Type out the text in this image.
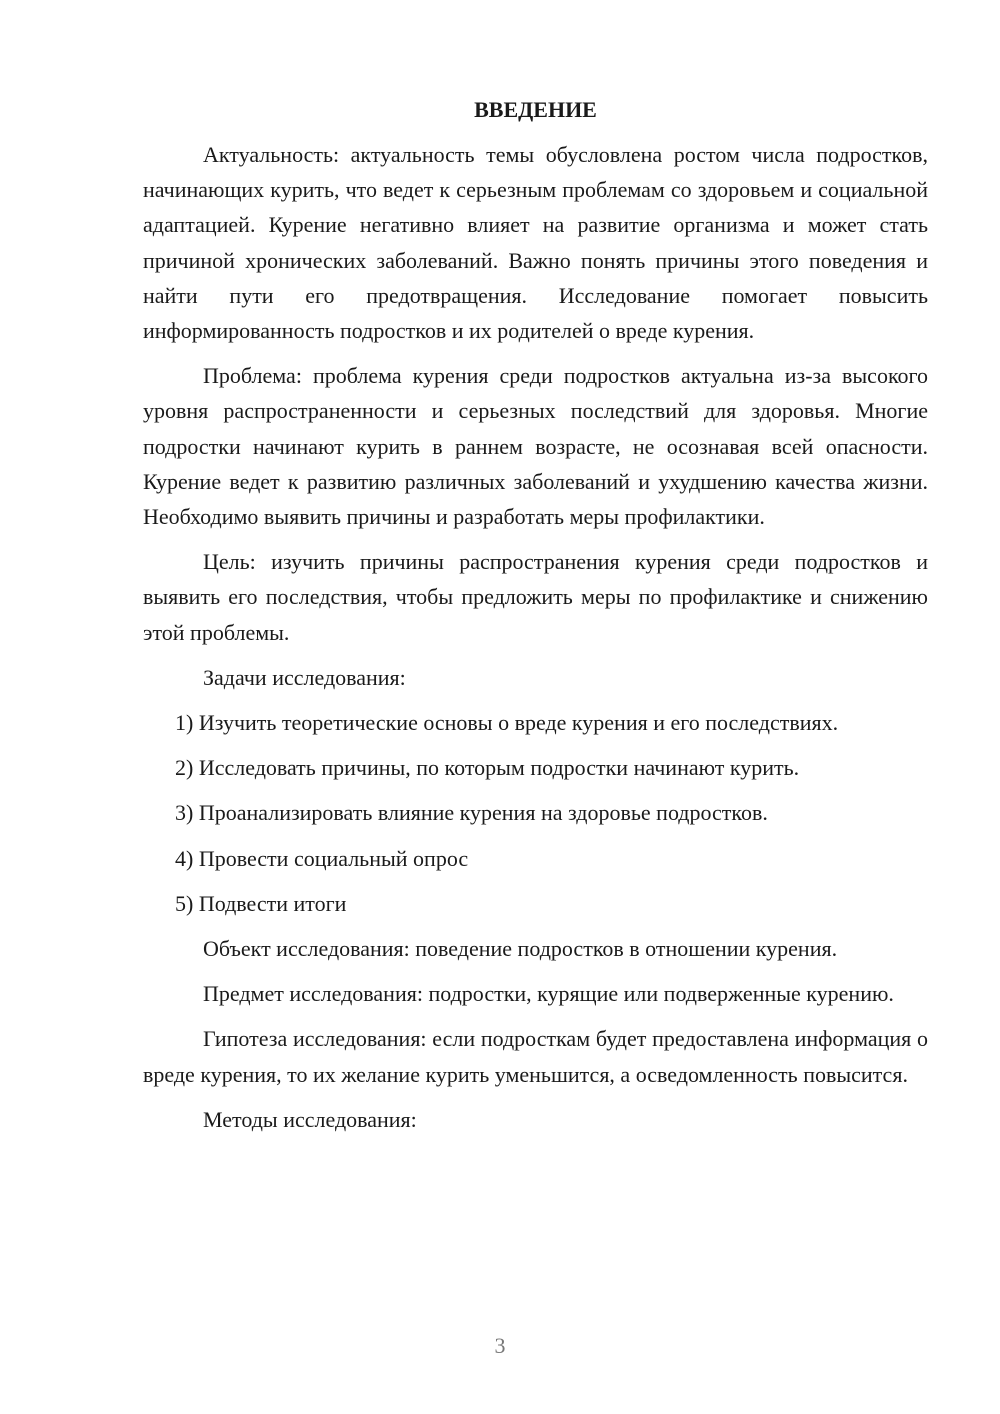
ВВЕДЕНИЕ

Актуальность: актуальность темы обусловлена ростом числа подростков, начинающих курить, что ведет к серьезным проблемам со здоровьем и социальной адаптацией. Курение негативно влияет на развитие организма и может стать причиной хронических заболеваний. Важно понять причины этого поведения и найти пути его предотвращения. Исследование помогает повысить информированность подростков и их родителей о вреде курения.

Проблема: проблема курения среди подростков актуальна из-за высокого уровня распространенности и серьезных последствий для здоровья. Многие подростки начинают курить в раннем возрасте, не осознавая всей опасности. Курение ведет к развитию различных заболеваний и ухудшению качества жизни. Необходимо выявить причины и разработать меры профилактики.

Цель: изучить причины распространения курения среди подростков и выявить его последствия, чтобы предложить меры по профилактике и снижению этой проблемы.

Задачи исследования:

1) Изучить теоретические основы о вреде курения и его последствиях.
2) Исследовать причины, по которым подростки начинают курить.
3) Проанализировать влияние курения на здоровье подростков.
4) Провести социальный опрос
5) Подвести итоги

Объект исследования: поведение подростков в отношении курения.

Предмет исследования: подростки, курящие или подверженные курению.

Гипотеза исследования: если подросткам будет предоставлена информация о вреде курения, то их желание курить уменьшится, а осведомленность повысится.

Методы исследования:

3
